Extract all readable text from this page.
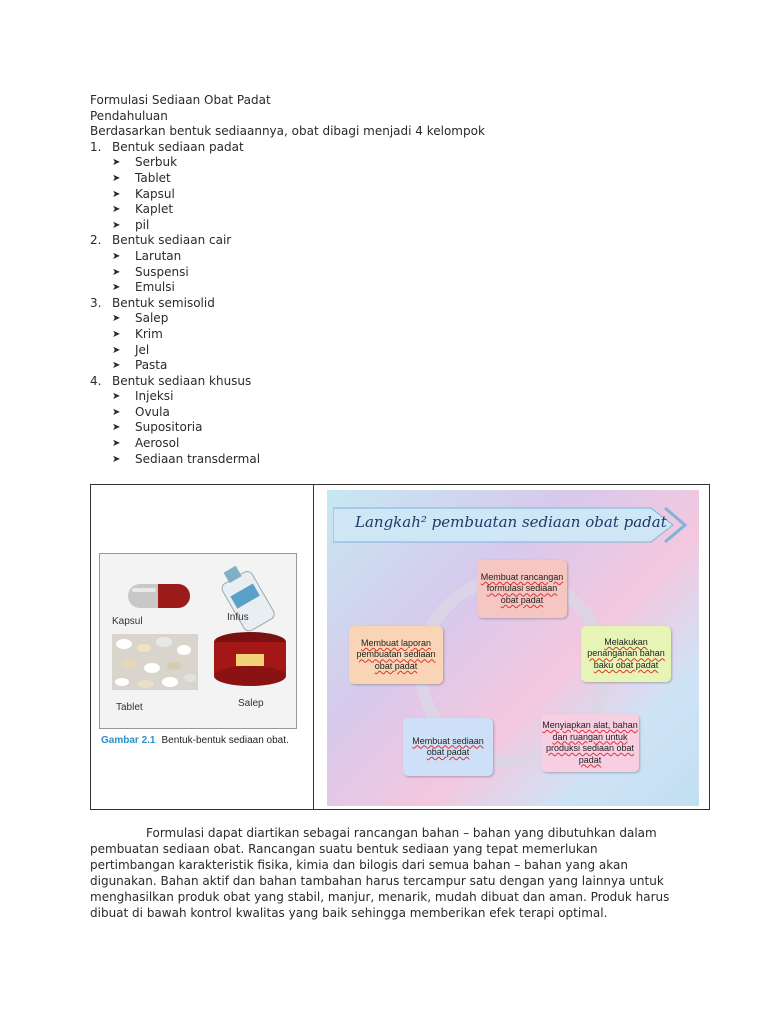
Formulasi Sediaan Obat Padat
Pendahuluan
Berdasarkan bentuk sediaannya, obat dibagi menjadi 4 kelompok
1. Bentuk sediaan padat
➤	Serbuk
➤	Tablet
➤	Kapsul
➤	Kaplet
➤	pil
2. Bentuk sediaan cair
➤	Larutan
➤	Suspensi
➤	Emulsi
3. Bentuk semisolid
➤	Salep
➤	Krim
➤	Jel
➤	Pasta
4. Bentuk sediaan khusus
➤	Injeksi
➤	Ovula
➤	Supositoria
➤	Aerosol
➤	Sediaan transdermal
Kapsul	Infus
Tablet	Salep
Gambar 2.1 Bentuk-bentuk sediaan obat.
Langkah² pembuatan sediaan obat padat
Membuat rancangan formulasi sediaan obat padat
Melakukan penanganan bahan baku obat padat
Menyiapkan alat, bahan dan ruangan untuk produksi sediaan obat padat
Membuat sediaan obat padat
Membuat laporan pembuatan sediaan obat padat
Formulasi dapat diartikan sebagai rancangan bahan – bahan yang dibutuhkan dalam pembuatan sediaan obat. Rancangan suatu bentuk sediaan yang tepat memerlukan pertimbangan karakteristik fisika, kimia dan bilogis dari semua bahan – bahan yang akan digunakan. Bahan aktif dan bahan tambahan harus tercampur satu dengan yang lainnya untuk menghasilkan produk obat yang stabil, manjur, menarik, mudah dibuat dan aman. Produk harus dibuat di bawah kontrol kwalitas yang baik sehingga memberikan efek terapi optimal.
